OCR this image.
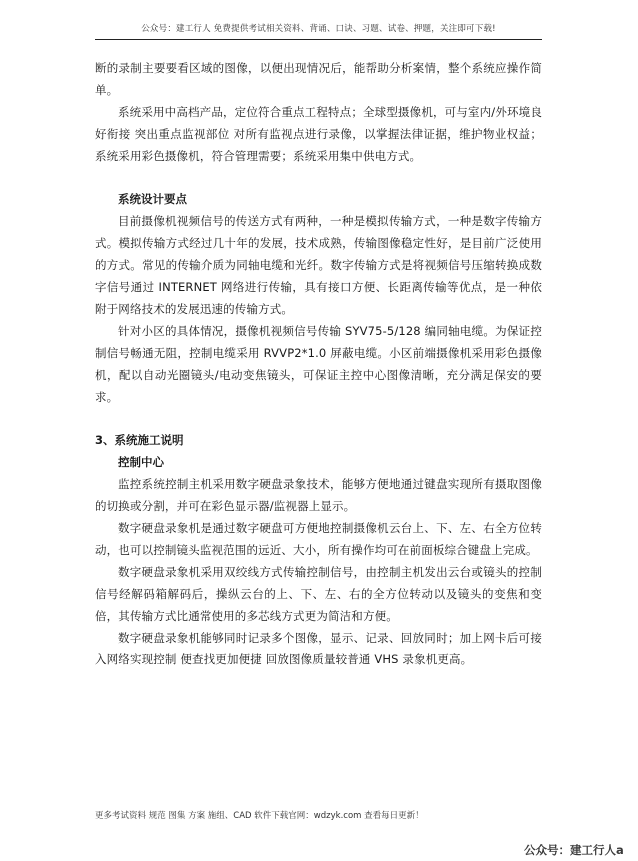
公众号：建工行人 免费提供考试相关资料、背诵、口诀、习题、试卷、押题，关注即可下载!

断的录制主要要看区域的图像，以便出现情况后，能帮助分析案情，整个系统应操作简单。

系统采用中高档产品，定位符合重点工程特点；全球型摄像机，可与室内/外环境良好衔接 突出重点监视部位 对所有监视点进行录像，以掌握法律证据，维护物业权益；系统采用彩色摄像机，符合管理需要；系统采用集中供电方式。

系统设计要点

目前摄像机视频信号的传送方式有两种，一种是模拟传输方式，一种是数字传输方式。模拟传输方式经过几十年的发展，技术成熟，传输图像稳定性好，是目前广泛使用的方式。常见的传输介质为同轴电缆和光纤。数字传输方式是将视频信号压缩转换成数字信号通过 INTERNET 网络进行传输，具有接口方便、长距离传输等优点，是一种依附于网络技术的发展迅速的传输方式。

针对小区的具体情况，摄像机视频信号传输 SYV75-5/128 编同轴电缆。为保证控制信号畅通无阻，控制电缆采用 RVVP2*1.0 屏蔽电缆。小区前端摄像机采用彩色摄像机，配以自动光圈镜头/电动变焦镜头，可保证主控中心图像清晰，充分满足保安的要求。

3、系统施工说明

控制中心

监控系统控制主机采用数字硬盘录象技术，能够方便地通过键盘实现所有摄取图像的切换或分割，并可在彩色显示器/监视器上显示。

数字硬盘录象机是通过数字硬盘可方便地控制摄像机云台上、下、左、右全方位转动，也可以控制镜头监视范围的远近、大小，所有操作均可在前面板综合键盘上完成。

数字硬盘录象机采用双绞线方式传输控制信号，由控制主机发出云台或镜头的控制信号经解码箱解码后，操纵云台的上、下、左、右的全方位转动以及镜头的变焦和变倍，其传输方式比通常使用的多芯线方式更为简洁和方便。

数字硬盘录象机能够同时记录多个图像，显示、记录、回放同时；加上网卡后可接入网络实现控制 便查找更加便捷 回放图像质量较普通 VHS 录象机更高。

更多考试资料 规范 图集 方案 施组、CAD 软件下载官网：wdzyk.com 查看每日更新！
公众号：建工行人a
